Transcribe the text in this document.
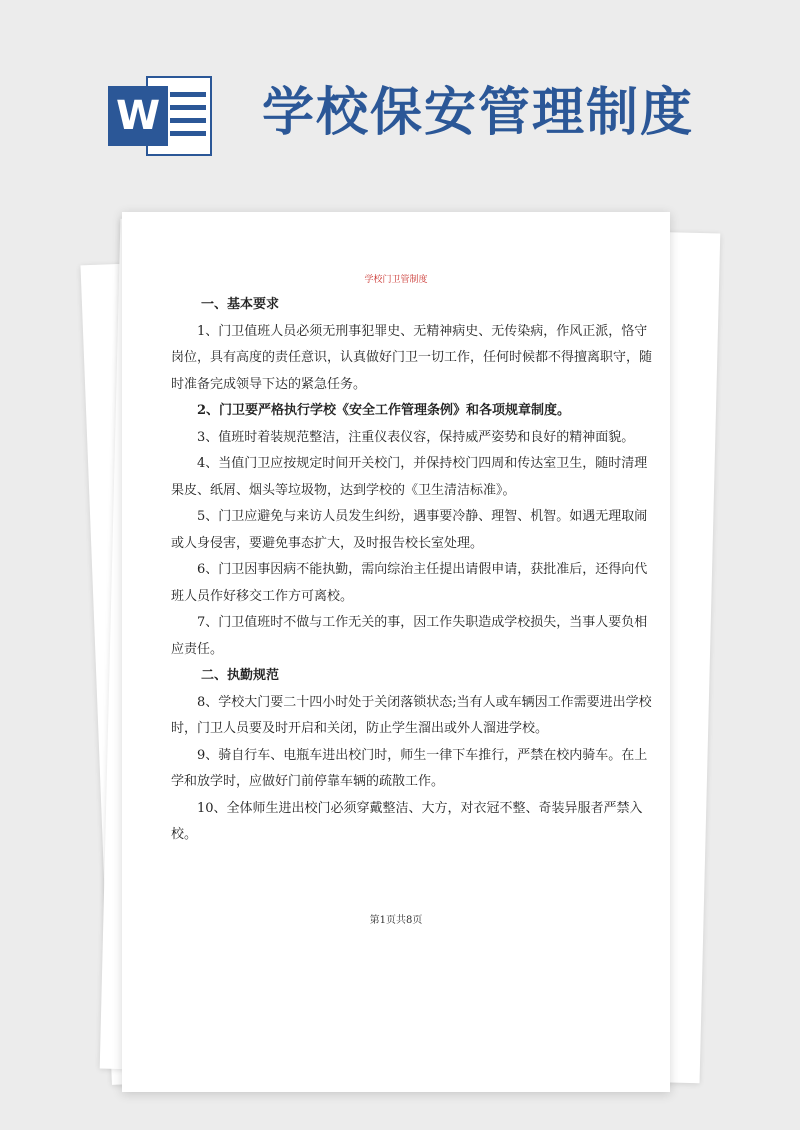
W 学校保安管理制度
学校门卫管制度

一、基本要求

1、门卫值班人员必须无刑事犯罪史、无精神病史、无传染病，作风正派，恪守岗位，具有高度的责任意识，认真做好门卫一切工作，任何时候都不得擅离职守，随时准备完成领导下达的紧急任务。

2、门卫要严格执行学校《安全工作管理条例》和各项规章制度。

3、值班时着装规范整洁，注重仪表仪容，保持威严姿势和良好的精神面貌。

4、当值门卫应按规定时间开关校门，并保持校门四周和传达室卫生，随时清理果皮、纸屑、烟头等垃圾物，达到学校的《卫生清洁标准》。

5、门卫应避免与来访人员发生纠纷，遇事要冷静、理智、机智。如遇无理取闹或人身侵害，要避免事态扩大，及时报告校长室处理。

6、门卫因事因病不能执勤，需向综治主任提出请假申请，获批准后，还得向代班人员作好移交工作方可离校。

7、门卫值班时不做与工作无关的事，因工作失职造成学校损失，当事人要负相应责任。

二、执勤规范

8、学校大门要二十四小时处于关闭落锁状态;当有人或车辆因工作需要进出学校时，门卫人员要及时开启和关闭，防止学生溜出或外人溜进学校。

9、骑自行车、电瓶车进出校门时，师生一律下车推行，严禁在校内骑车。在上学和放学时，应做好门前停靠车辆的疏散工作。

10、全体师生进出校门必须穿戴整洁、大方，对衣冠不整、奇装异服者严禁入校。

第1页共8页
